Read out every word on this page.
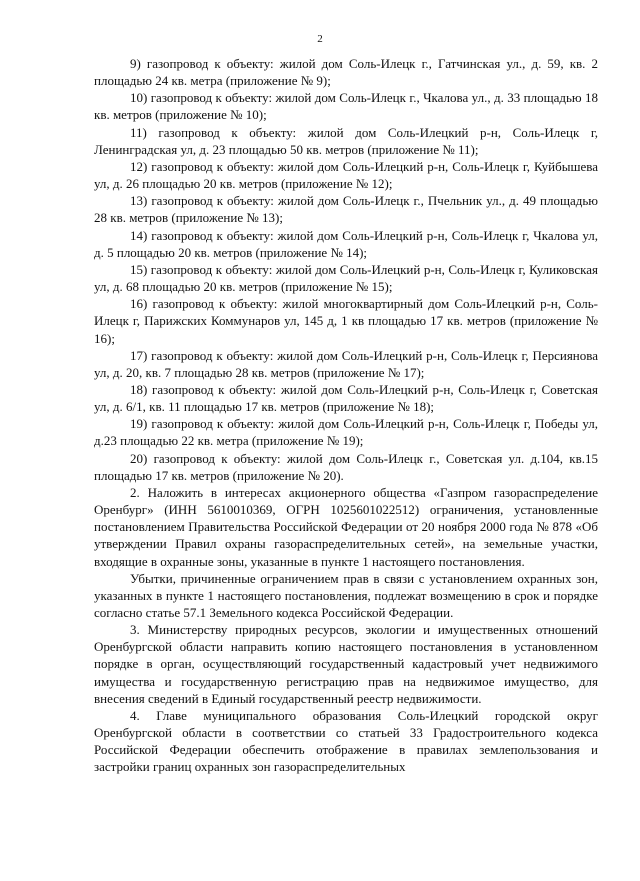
2

9) газопровод к объекту: жилой дом Соль-Илецк г., Гатчинская ул., д. 59, кв. 2 площадью 24 кв. метра (приложение № 9);

10) газопровод к объекту: жилой дом Соль-Илецк г., Чкалова ул., д. 33 площадью 18 кв. метров (приложение № 10);

11) газопровод к объекту: жилой дом Соль-Илецкий р-н, Соль-Илецк г, Ленинградская ул, д. 23 площадью 50 кв. метров (приложение № 11);

12) газопровод к объекту: жилой дом Соль-Илецкий р-н, Соль-Илецк г, Куйбышева ул, д. 26 площадью 20 кв. метров (приложение № 12);

13) газопровод к объекту: жилой дом Соль-Илецк г., Пчельник ул., д. 49 площадью 28 кв. метров (приложение № 13);

14) газопровод к объекту: жилой дом Соль-Илецкий р-н, Соль-Илецк г, Чкалова ул, д. 5 площадью 20 кв. метров (приложение № 14);

15) газопровод к объекту: жилой дом Соль-Илецкий р-н, Соль-Илецк г, Куликовская ул, д. 68 площадью 20 кв. метров (приложение № 15);

16) газопровод к объекту: жилой многоквартирный дом Соль-Илецкий р-н, Соль-Илецк г, Парижских Коммунаров ул, 145 д, 1 кв площадью 17 кв. метров (приложение № 16);

17) газопровод к объекту: жилой дом Соль-Илецкий р-н, Соль-Илецк г, Персиянова ул, д. 20, кв. 7 площадью 28 кв. метров (приложение № 17);

18) газопровод к объекту: жилой дом Соль-Илецкий р-н, Соль-Илецк г, Советская ул, д. 6/1, кв. 11 площадью 17 кв. метров (приложение № 18);

19) газопровод к объекту: жилой дом Соль-Илецкий р-н, Соль-Илецк г, Победы ул, д.23 площадью 22 кв. метра (приложение № 19);

20) газопровод к объекту: жилой дом Соль-Илецк г., Советская ул. д.104, кв.15 площадью 17 кв. метров (приложение № 20).

2. Наложить в интересах акционерного общества «Газпром газораспределение Оренбург» (ИНН 5610010369, ОГРН 1025601022512) ограничения, установленные постановлением Правительства Российской Федерации от 20 ноября 2000 года № 878 «Об утверждении Правил охраны газораспределительных сетей», на земельные участки, входящие в охранные зоны, указанные в пункте 1 настоящего постановления.

Убытки, причиненные ограничением прав в связи с установлением охранных зон, указанных в пункте 1 настоящего постановления, подлежат возмещению в срок и порядке согласно статье 57.1 Земельного кодекса Российской Федерации.

3. Министерству природных ресурсов, экологии и имущественных отношений Оренбургской области направить копию настоящего постановления в установленном порядке в орган, осуществляющий государственный кадастровый учет недвижимого имущества и государственную регистрацию прав на недвижимое имущество, для внесения сведений в Единый государственный реестр недвижимости.

4. Главе муниципального образования Соль-Илецкий городской округ Оренбургской области в соответствии со статьей 33 Градостроительного кодекса Российской Федерации обеспечить отображение в правилах землепользования и застройки границ охранных зон газораспределительных
